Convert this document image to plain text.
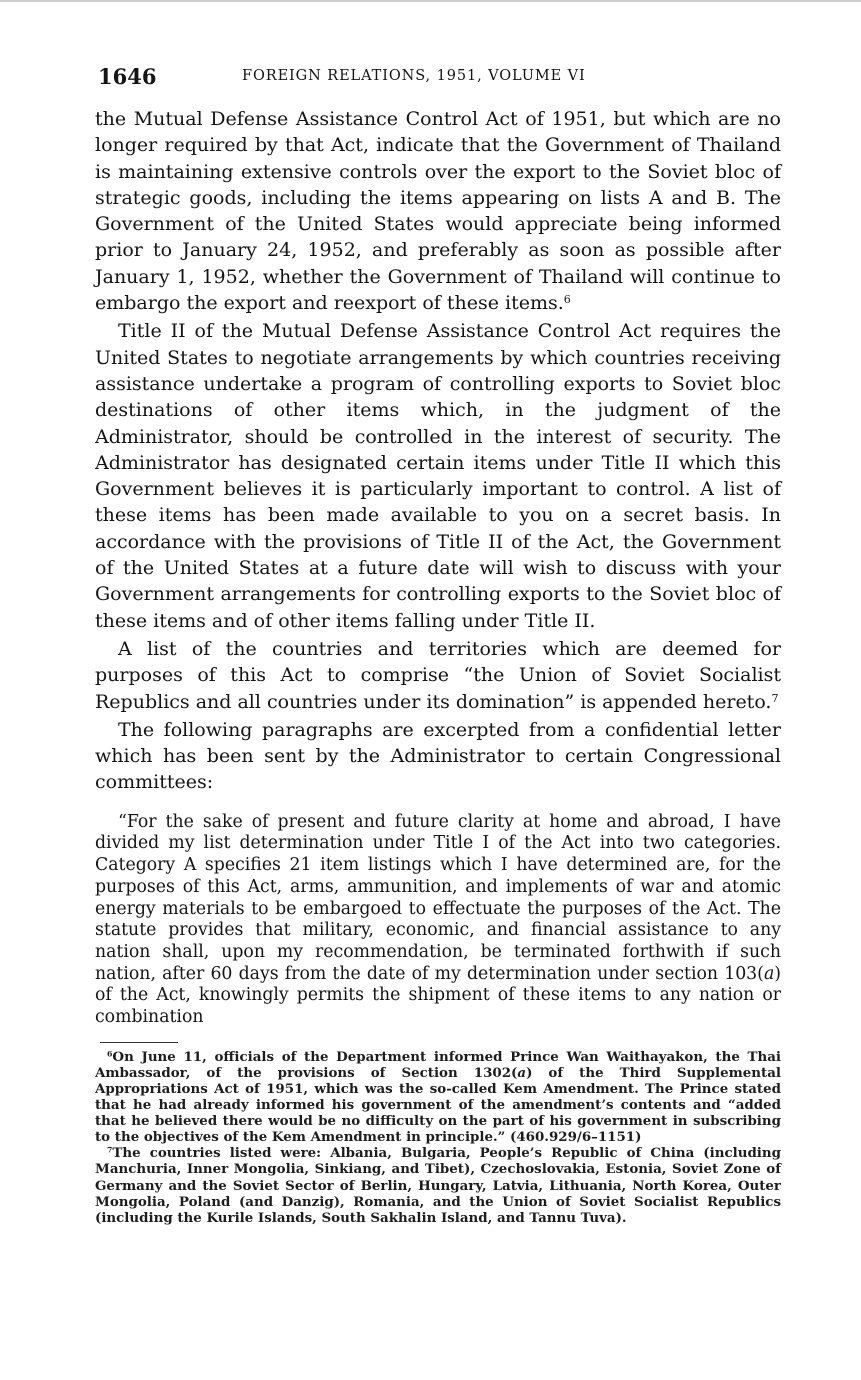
1646	FOREIGN RELATIONS, 1951, VOLUME VI

the Mutual Defense Assistance Control Act of 1951, but which are no longer required by that Act, indicate that the Government of Thailand is maintaining extensive controls over the export to the Soviet bloc of strategic goods, including the items appearing on lists A and B. The Government of the United States would appreciate being informed prior to January 24, 1952, and preferably as soon as possible after January 1, 1952, whether the Government of Thailand will continue to embargo the export and reexport of these items.$^6$

Title II of the Mutual Defense Assistance Control Act requires the United States to negotiate arrangements by which countries receiving assistance undertake a program of controlling exports to Soviet bloc destinations of other items which, in the judgment of the Administrator, should be controlled in the interest of security. The Administrator has designated certain items under Title II which this Government believes it is particularly important to control. A list of these items has been made available to you on a secret basis. In accordance with the provisions of Title II of the Act, the Government of the United States at a future date will wish to discuss with your Government arrangements for controlling exports to the Soviet bloc of these items and of other items falling under Title II.

A list of the countries and territories which are deemed for purposes of this Act to comprise “the Union of Soviet Socialist Republics and all countries under its domination” is appended hereto.$^7$

The following paragraphs are excerpted from a confidential letter which has been sent by the Administrator to certain Congressional committees:

“For the sake of present and future clarity at home and abroad, I have divided my list determination under Title I of the Act into two categories. Category A specifies 21 item listings which I have determined are, for the purposes of this Act, arms, ammunition, and implements of war and atomic energy materials to be embargoed to effectuate the purposes of the Act. The statute provides that military, economic, and financial assistance to any nation shall, upon my recommendation, be terminated forthwith if such nation, after 60 days from the date of my determination under section 103(a) of the Act, knowingly permits the shipment of these items to any nation or combination

$^6$On June 11, officials of the Department informed Prince Wan Waithayakon, the Thai Ambassador, of the provisions of Section 1302(a) of the Third Supplemental Appropriations Act of 1951, which was the so-called Kem Amendment. The Prince stated that he had already informed his government of the amendment’s contents and “added that he believed there would be no difficulty on the part of his government in subscribing to the objectives of the Kem Amendment in principle.” (460.929/6–1151)

$^7$The countries listed were: Albania, Bulgaria, People’s Republic of China (including Manchuria, Inner Mongolia, Sinkiang, and Tibet), Czechoslovakia, Estonia, Soviet Zone of Germany and the Soviet Sector of Berlin, Hungary, Latvia, Lithuania, North Korea, Outer Mongolia, Poland (and Danzig), Romania, and the Union of Soviet Socialist Republics (including the Kurile Islands, South Sakhalin Island, and Tannu Tuva).
